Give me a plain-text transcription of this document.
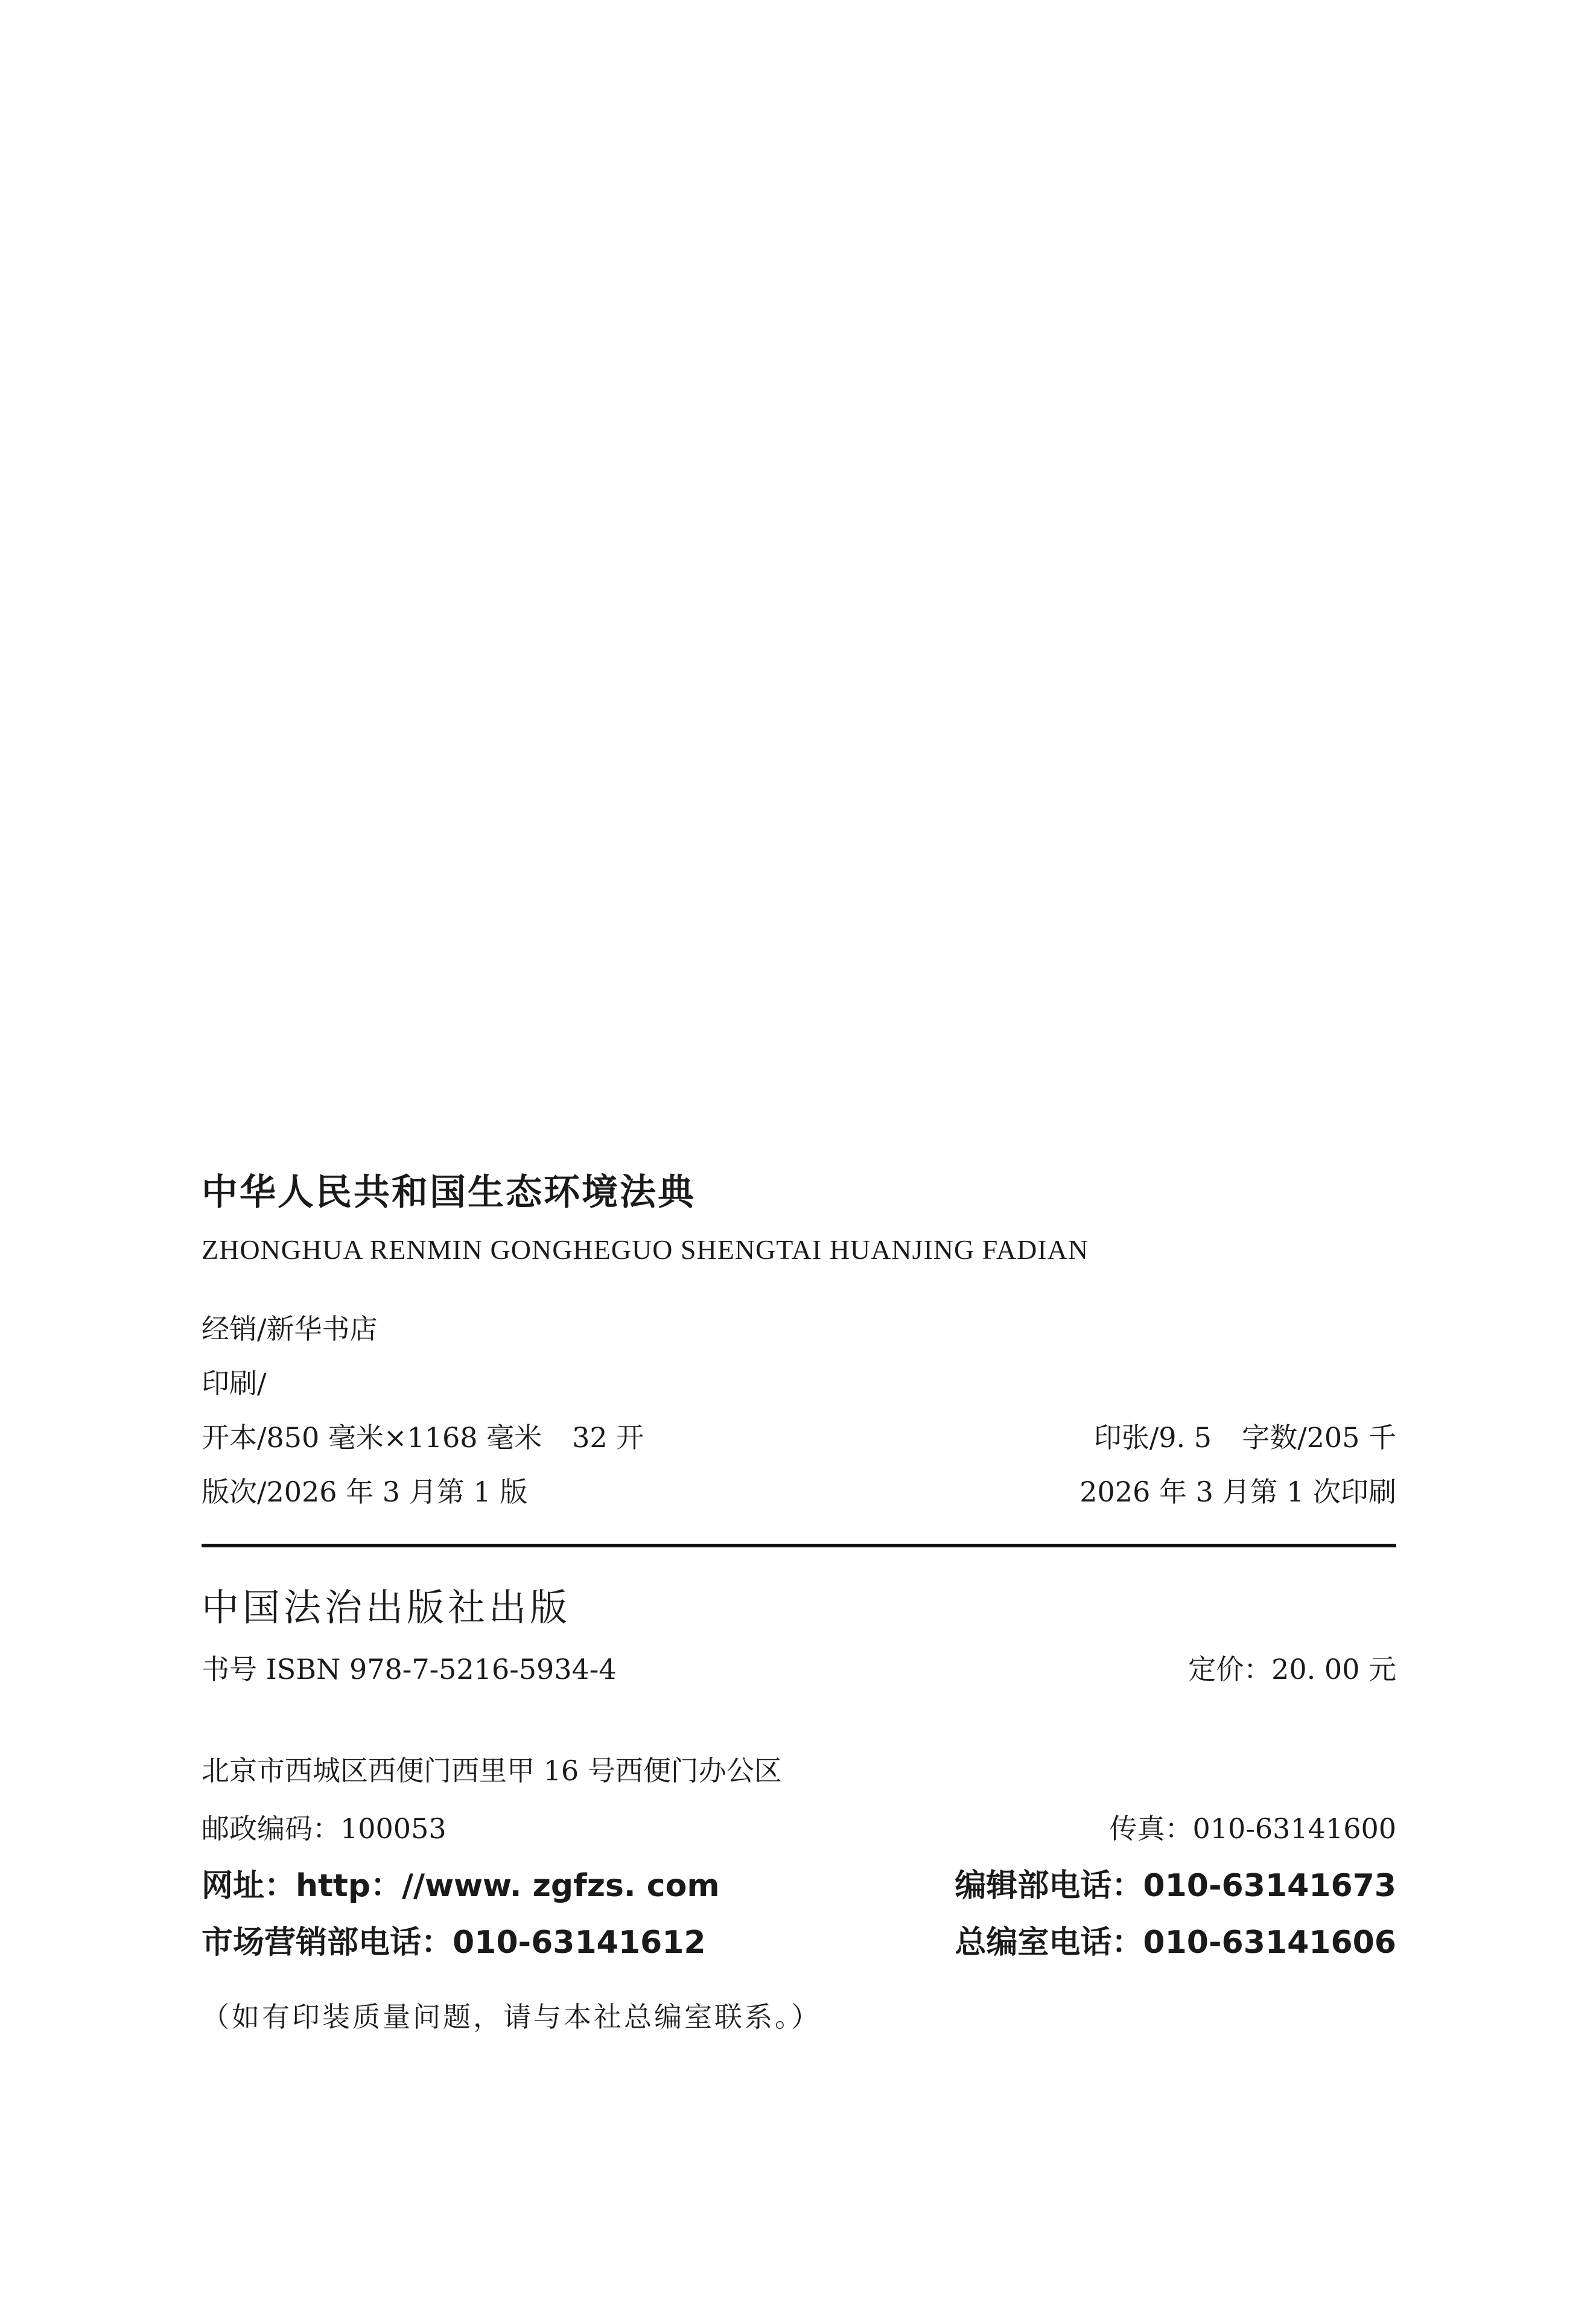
中华人民共和国生态环境法典
ZHONGHUA RENMIN GONGHEGUO SHENGTAI HUANJING FADIAN
经销/新华书店
印刷/
开本/850 毫米×1168 毫米 32 开	印张/9. 5 字数/205 千
版次/2026 年 3 月第 1 版	2026 年 3 月第 1 次印刷
中国法治出版社出版
书号 ISBN 978-7-5216-5934-4	定价：20. 00 元
北京市西城区西便门西里甲 16 号西便门办公区
邮政编码：100053	传真：010-63141600
网址：http：//www. zgfzs. com	编辑部电话：010-63141673
市场营销部电话：010-63141612	总编室电话：010-63141606
（如有印装质量问题，请与本社总编室联系。）
